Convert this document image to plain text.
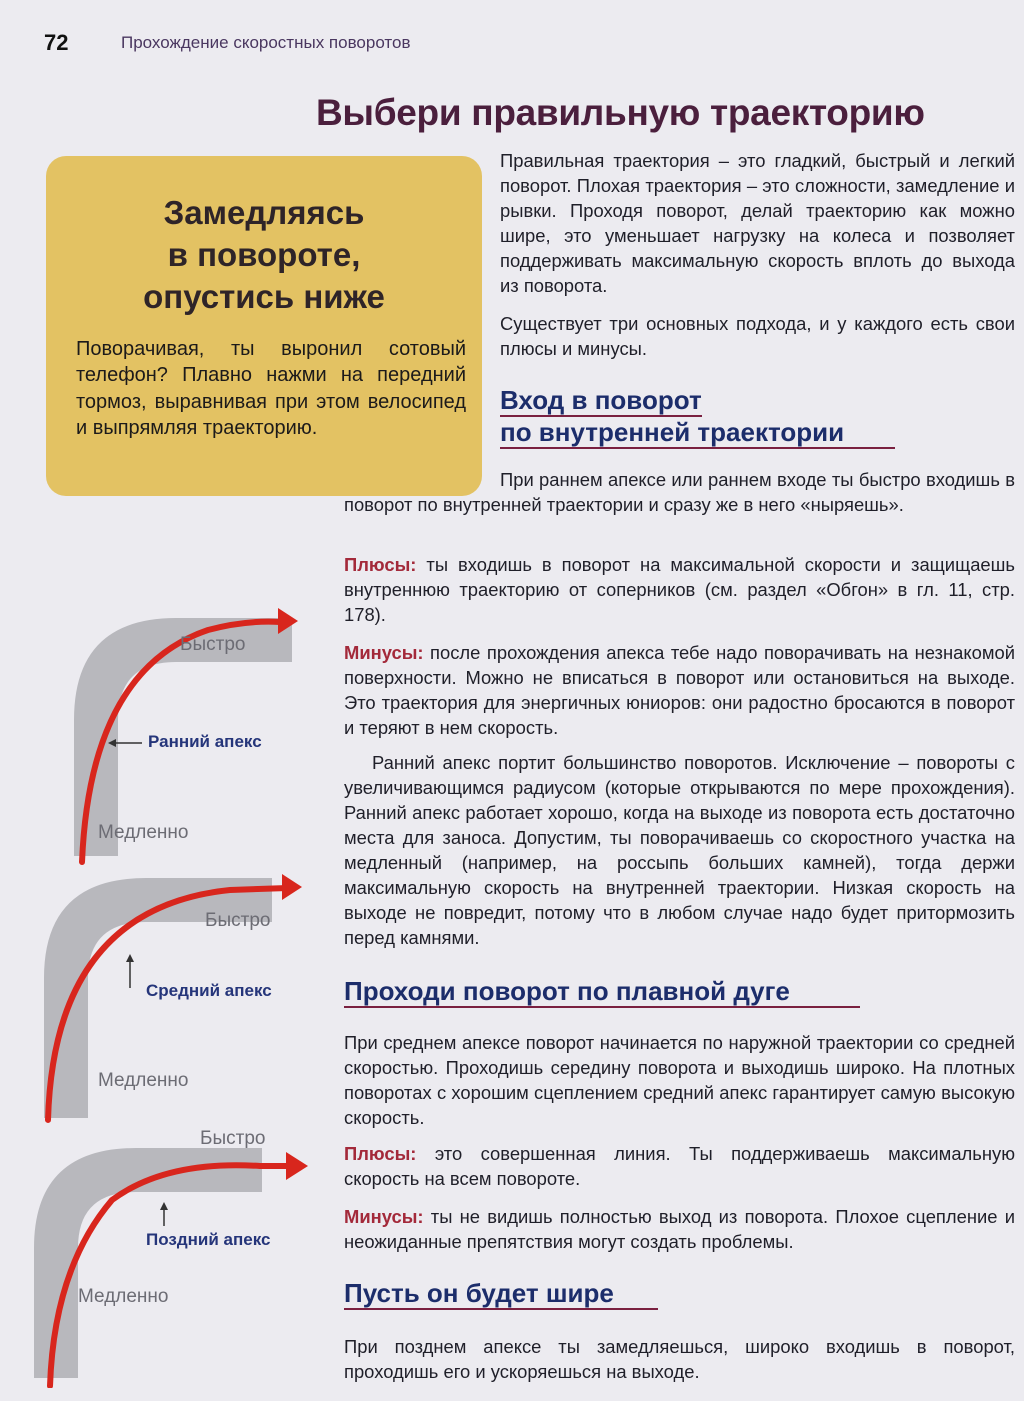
72	Прохождение скоростных поворотов
Выбери правильную траекторию
Замедляясь
в повороте,
опустись ниже
Поворачивая, ты выронил сотовый телефон? Плавно нажми на передний тормоз, выравнивая при этом велосипед и выпрямляя траекторию.
Правильная траектория – это гладкий, быстрый и легкий поворот. Плохая траектория – это сложности, замедление и рывки. Проходя поворот, делай траекторию как можно шире, это уменьшает нагрузку на колеса и позволяет поддерживать максимальную скорость вплоть до выхода из поворота.
Существует три основных подхода, и у каждого есть свои плюсы и минусы.
Вход в поворот
по внутренней траектории
При раннем апексе или раннем входе ты быстро входишь в поворот по внутренней траектории и сразу же в него «ныряешь».
Плюсы: ты входишь в поворот на максимальной скорости и защищаешь внутреннюю траекторию от соперников (см. раздел «Обгон» в гл. 11, стр. 178).
Минусы: после прохождения апекса тебе надо поворачивать на незнакомой поверхности. Можно не вписаться в поворот или остановиться на выходе. Это траектория для энергичных юниоров: они радостно бросаются в поворот и теряют в нем скорость.
Ранний апекс портит большинство поворотов. Исключение – повороты с увеличивающимся радиусом (которые открываются по мере прохождения). Ранний апекс работает хорошо, когда на выходе из поворота есть достаточно места для заноса. Допустим, ты поворачиваешь со скоростного участка на медленный (например, на россыпь больших камней), тогда держи максимальную скорость на внутренней траектории. Низкая скорость на выходе не повредит, потому что в любом случае надо будет притормозить перед камнями.
Проходи поворот по плавной дуге
При среднем апексе поворот начинается по наружной траектории со средней скоростью. Проходишь середину поворота и выходишь широко. На плотных поворотах с хорошим сцеплением средний апекс гарантирует самую высокую скорость.
Плюсы: это совершенная линия. Ты поддерживаешь максимальную скорость на всем повороте.
Минусы: ты не видишь полностью выход из поворота. Плохое сцепление и неожиданные препятствия могут создать проблемы.
Пусть он будет шире
При позднем апексе ты замедляешься, широко входишь в поворот, проходишь его и ускоряешься на выходе.
Быстро
Ранний апекс
Медленно
Быстро
Средний апекс
Медленно
Быстро
Поздний апекс
Медленно
